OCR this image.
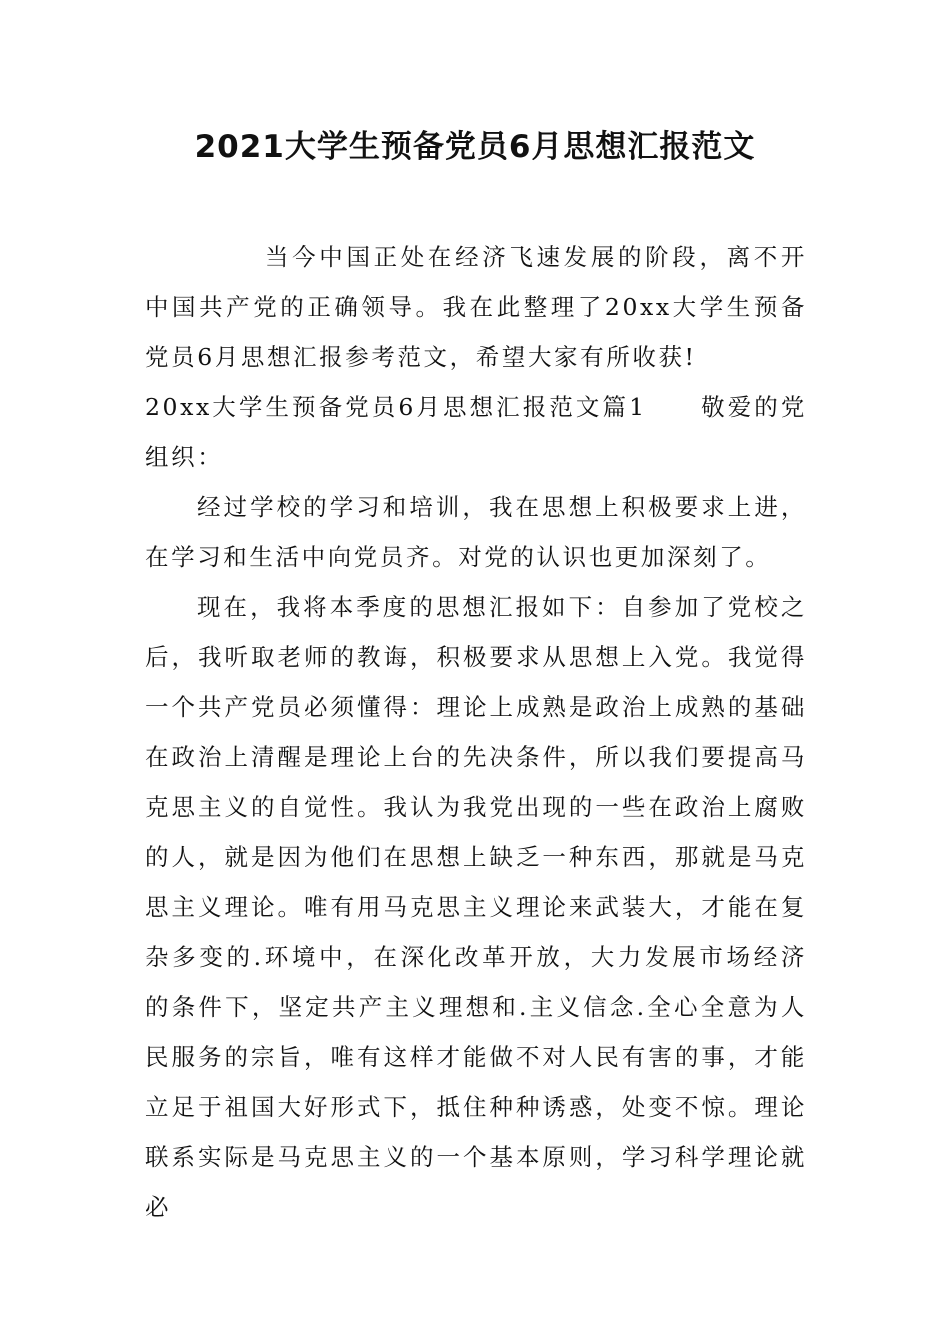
2021大学生预备党员6月思想汇报范文

当今中国正处在经济飞速发展的阶段，离不开中国共产党的正确领导。我在此整理了20xx大学生预备党员6月思想汇报参考范文，希望大家有所收获!

20xx大学生预备党员6月思想汇报范文篇1 敬爱的党组织：

经过学校的学习和培训，我在思想上积极要求上进，在学习和生活中向党员齐。对党的认识也更加深刻了。

现在，我将本季度的思想汇报如下：自参加了党校之后，我听取老师的教诲，积极要求从思想上入党。我觉得一个共产党员必须懂得：理论上成熟是政治上成熟的基础在政治上清醒是理论上台的先决条件，所以我们要提高马克思主义的自觉性。我认为我党出现的一些在政治上腐败的人，就是因为他们在思想上缺乏一种东西，那就是马克思主义理论。唯有用马克思主义理论来武装大，才能在复杂多变的.环境中，在深化改革开放，大力发展市场经济的条件下，坚定共产主义理想和.主义信念.全心全意为人民服务的宗旨，唯有这样才能做不对人民有害的事，才能立足于祖国大好形式下，抵住种种诱惑，处变不惊。理论联系实际是马克思主义的一个基本原则，学习科学理论就必
